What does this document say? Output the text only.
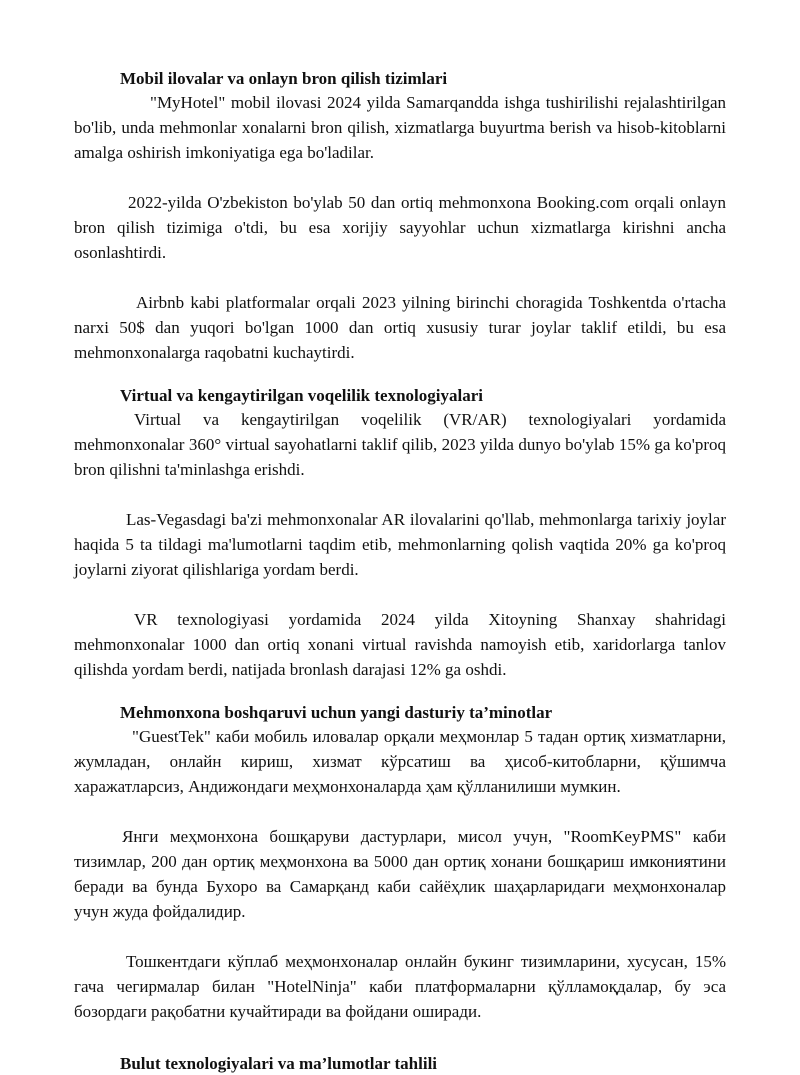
Mobil ilovalar va onlayn bron qilish tizimlari

"MyHotel" mobil ilovasi 2024 yilda Samarqandda ishga tushirilishi rejalashtirilgan bo'lib, unda mehmonlar xonalarni bron qilish, xizmatlarga buyurtma berish va hisob-kitoblarni amalga oshirish imkoniyatiga ega bo'ladilar.

2022-yilda O'zbekiston bo'ylab 50 dan ortiq mehmonxona Booking.com orqali onlayn bron qilish tizimiga o'tdi, bu esa xorijiy sayyohlar uchun xizmatlarga kirishni ancha osonlashtirdi.

Airbnb kabi platformalar orqali 2023 yilning birinchi choragida Toshkentda o'rtacha narxi 50$ dan yuqori bo'lgan 1000 dan ortiq xususiy turar joylar taklif etildi, bu esa mehmonxonalarga raqobatni kuchaytirdi.

Virtual va kengaytirilgan voqelilik texnologiyalari

Virtual va kengaytirilgan voqelilik (VR/AR) texnologiyalari yordamida mehmonxonalar 360° virtual sayohatlarni taklif qilib, 2023 yilda dunyo bo'ylab 15% ga ko'proq bron qilishni ta'minlashga erishdi.

Las-Vegasdagi ba'zi mehmonxonalar AR ilovalarini qo'llab, mehmonlarga tarixiy joylar haqida 5 ta tildagi ma'lumotlarni taqdim etib, mehmonlarning qolish vaqtida 20% ga ko'proq joylarni ziyorat qilishlariga yordam berdi.

VR texnologiyasi yordamida 2024 yilda Xitoyning Shanxay shahridagi mehmonxonalar 1000 dan ortiq xonani virtual ravishda namoyish etib, xaridorlarga tanlov qilishda yordam berdi, natijada bronlash darajasi 12% ga oshdi.

Mehmonxona boshqaruvi uchun yangi dasturiy ta’minotlar

"GuestTek" каби мобиль иловалар орқали меҳмонлар 5 тадан ортиқ хизматларни, жумладан, онлайн кириш, хизмат кўрсатиш ва ҳисоб-китобларни, қўшимча харажатларсиз, Андижондаги меҳмонхоналарда ҳам қўлланилиши мумкин.

Янги меҳмонхона бошқаруви дастурлари, мисол учун, "RoomKeyPMS" каби тизимлар, 200 дан ортиқ меҳмонхона ва 5000 дан ортиқ хонани бошқариш имкониятини беради ва бунда Бухоро ва Самарқанд каби сайёҳлик шаҳарларидаги меҳмонхоналар учун жуда фойдалидир.

Тошкентдаги кўплаб меҳмонхоналар онлайн букинг тизимларини, хусусан, 15% гача чегирмалар билан "HotelNinja" каби платформаларни қўлламоқдалар, бу эса бозордаги рақобатни кучайтиради ва фойдани оширади.

Bulut texnologiyalari va ma’lumotlar tahlili
